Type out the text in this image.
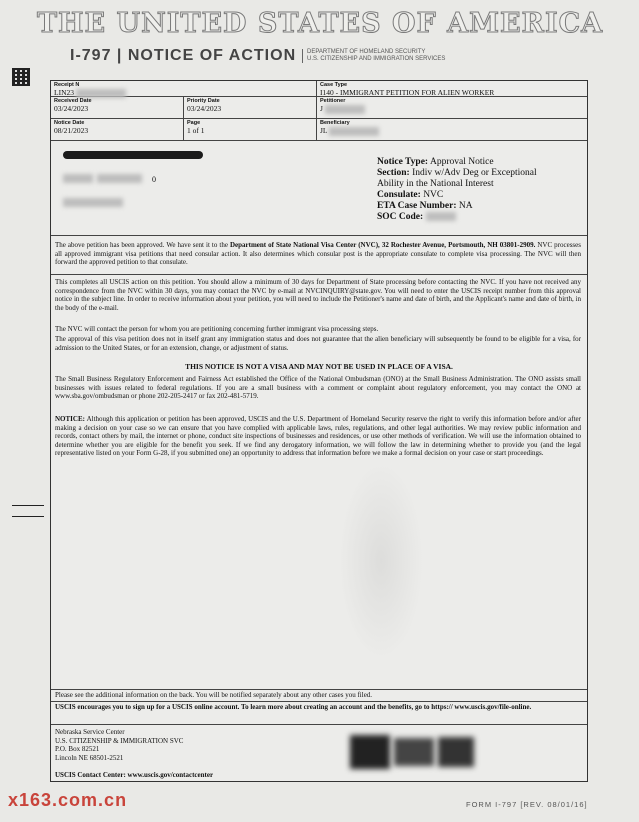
THE UNITED STATES OF AMERICA
I-797 | NOTICE OF ACTION	DEPARTMENT OF HOMELAND SECURITY
U.S. CITIZENSHIP AND IMMIGRATION SERVICES
Receipt N
LIN23
Case Type
I140 - IMMIGRANT PETITION FOR ALIEN WORKER
Received Date
03/24/2023
Priority Date
03/24/2023
Petitioner
J
Notice Date
08/21/2023
Page
1 of 1
Beneficiary
JL
0
Notice Type: Approval Notice
Section: Indiv w/Adv Deg or Exceptional
Ability in the National Interest
Consulate: NVC
ETA Case Number: NA
SOC Code:
The above petition has been approved. We have sent it to the Department of State National Visa Center (NVC), 32 Rochester Avenue, Portsmouth, NH 03801-2909. NVC processes all approved immigrant visa petitions that need consular action. It also determines which consular post is the appropriate consulate to complete visa processing. The NVC will then forward the approved petition to that consulate.
This completes all USCIS action on this petition. You should allow a minimum of 30 days for Department of State processing before contacting the NVC. If you have not received any correspondence from the NVC within 30 days, you may contact the NVC by e-mail at NVCINQUIRY@state.gov. You will need to enter the USCIS receipt number from this approval notice in the subject line. In order to receive information about your petition, you will need to include the Petitioner's name and date of birth, and the Applicant's name and date of birth, in the body of the e-mail.
The NVC will contact the person for whom you are petitioning concerning further immigrant visa processing steps.
The approval of this visa petition does not in itself grant any immigration status and does not guarantee that the alien beneficiary will subsequently be found to be eligible for a visa, for admission to the United States, or for an extension, change, or adjustment of status.
THIS NOTICE IS NOT A VISA AND MAY NOT BE USED IN PLACE OF A VISA.
The Small Business Regulatory Enforcement and Fairness Act established the Office of the National Ombudsman (ONO) at the Small Business Administration. The ONO assists small businesses with issues related to federal regulations. If you are a small business with a comment or complaint about regulatory enforcement, you may contact the ONO at www.sba.gov/ombudsman or phone 202-205-2417 or fax 202-481-5719.
NOTICE: Although this application or petition has been approved, USCIS and the U.S. Department of Homeland Security reserve the right to verify this information before and/or after making a decision on your case so we can ensure that you have complied with applicable laws, rules, regulations, and other legal authorities. We may review public information and records, contact others by mail, the internet or phone, conduct site inspections of businesses and residences, or use other methods of verification. We will use the information obtained to determine whether you are eligible for the benefit you seek. If we find any derogatory information, we will follow the law in determining whether to provide you (and the legal representative listed on your Form G-28, if you submitted one) an opportunity to address that information before we make a formal decision on your case or start proceedings.
Please see the additional information on the back. You will be notified separately about any other cases you filed.
USCIS encourages you to sign up for a USCIS online account. To learn more about creating an account and the benefits, go to https:// www.uscis.gov/file-online.
Nebraska Service Center
U.S. CITIZENSHIP & IMMIGRATION SVC
P.O. Box 82521
Lincoln NE 68501-2521
USCIS Contact Center: www.uscis.gov/contactcenter

x163.com.cn	FORM I-797 [REV. 08/01/16]
